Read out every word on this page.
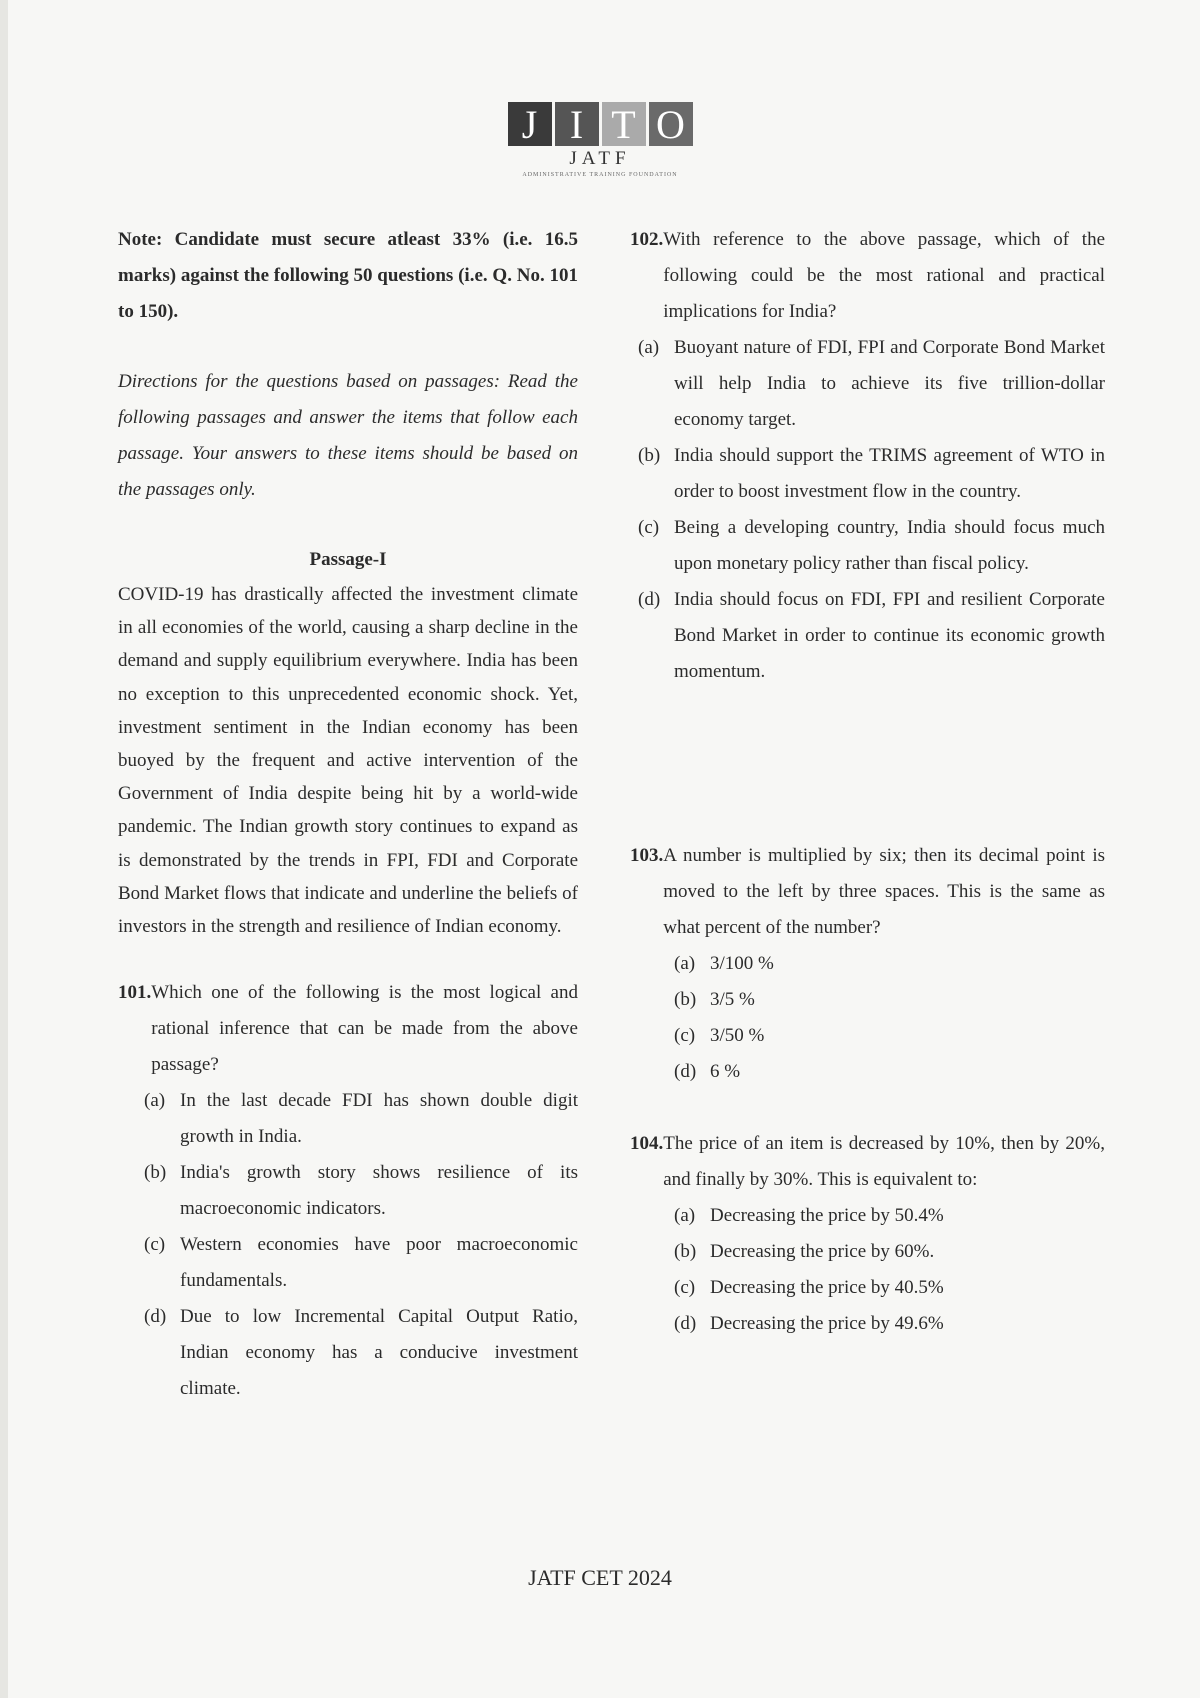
J I T O
JATF
ADMINISTRATIVE TRAINING FOUNDATION

Note: Candidate must secure atleast 33% (i.e. 16.5 marks) against the following 50 questions (i.e. Q. No. 101 to 150).

Directions for the questions based on passages: Read the following passages and answer the items that follow each passage. Your answers to these items should be based on the passages only.

Passage-I

COVID-19 has drastically affected the investment climate in all economies of the world, causing a sharp decline in the demand and supply equilibrium everywhere. India has been no exception to this unprecedented economic shock. Yet, investment sentiment in the Indian economy has been buoyed by the frequent and active intervention of the Government of India despite being hit by a world-wide pandemic. The Indian growth story continues to expand as is demonstrated by the trends in FPI, FDI and Corporate Bond Market flows that indicate and underline the beliefs of investors in the strength and resilience of Indian economy.

101. Which one of the following is the most logical and rational inference that can be made from the above passage?
(a) In the last decade FDI has shown double digit growth in India.
(b) India's growth story shows resilience of its macroeconomic indicators.
(c) Western economies have poor macroeconomic fundamentals.
(d) Due to low Incremental Capital Output Ratio, Indian economy has a conducive investment climate.
102. With reference to the above passage, which of the following could be the most rational and practical implications for India?
(a) Buoyant nature of FDI, FPI and Corporate Bond Market will help India to achieve its five trillion-dollar economy target.
(b) India should support the TRIMS agreement of WTO in order to boost investment flow in the country.
(c) Being a developing country, India should focus much upon monetary policy rather than fiscal policy.
(d) India should focus on FDI, FPI and resilient Corporate Bond Market in order to continue its economic growth momentum.
103. A number is multiplied by six; then its decimal point is moved to the left by three spaces. This is the same as what percent of the number?
(a) 3/100 %
(b) 3/5 %
(c) 3/50 %
(d) 6 %
104. The price of an item is decreased by 10%, then by 20%, and finally by 30%. This is equivalent to:
(a) Decreasing the price by 50.4%
(b) Decreasing the price by 60%.
(c) Decreasing the price by 40.5%
(d) Decreasing the price by 49.6%
JATF CET 2024
